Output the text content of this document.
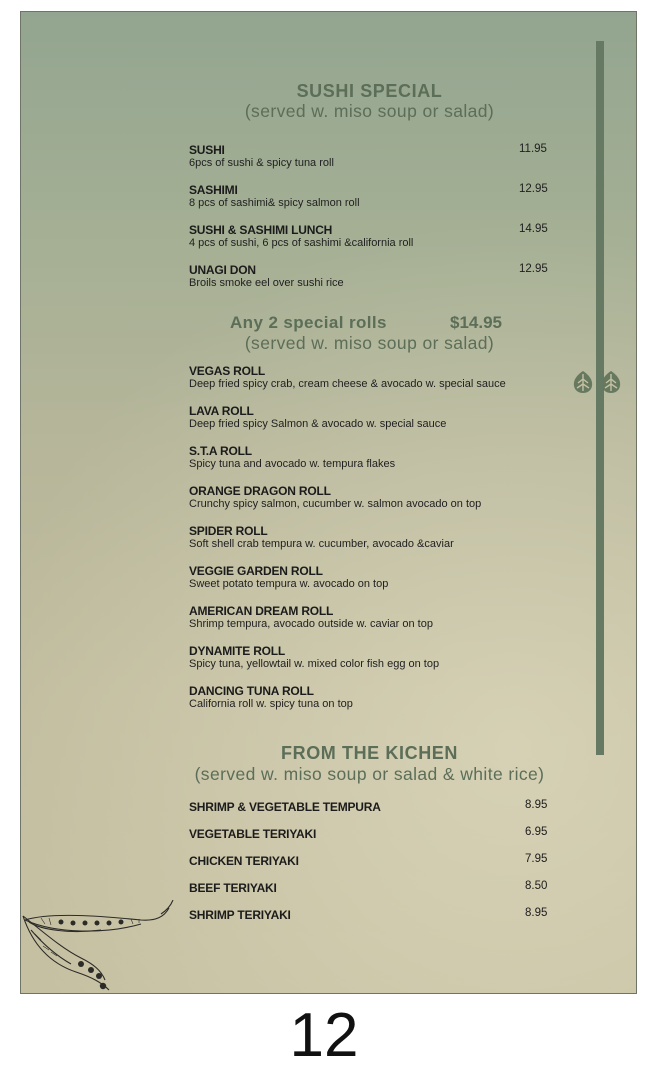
SUSHI SPECIAL
(served w. miso soup or salad)
SUSHI
6pcs of sushi & spicy tuna roll
11.95
SASHIMI
8 pcs of sashimi& spicy salmon roll
12.95
SUSHI & SASHIMI LUNCH
4 pcs of sushi, 6 pcs of sashimi &california roll
14.95
UNAGI DON
Broils smoke eel over sushi rice
12.95
Any 2 special rolls	$14.95
(served w. miso soup or salad)
VEGAS ROLL
Deep fried spicy crab, cream cheese & avocado w. special sauce
LAVA ROLL
Deep fried spicy Salmon & avocado w. special sauce
S.T.A ROLL
Spicy tuna and avocado w. tempura flakes
ORANGE DRAGON ROLL
Crunchy spicy salmon, cucumber w. salmon avocado on top
SPIDER ROLL
Soft shell crab tempura w. cucumber, avocado &caviar
VEGGIE GARDEN ROLL
Sweet potato tempura w. avocado on top
AMERICAN DREAM ROLL
Shrimp tempura, avocado outside w. caviar on top
DYNAMITE ROLL
Spicy tuna, yellowtail w. mixed color fish egg on top
DANCING TUNA ROLL
California roll w. spicy tuna on top
FROM THE KICHEN
(served w. miso soup or salad & white rice)
SHRIMP & VEGETABLE TEMPURA	8.95
VEGETABLE TERIYAKI	6.95
CHICKEN TERIYAKI	7.95
BEEF TERIYAKI	8.50
SHRIMP TERIYAKI	8.95
12
